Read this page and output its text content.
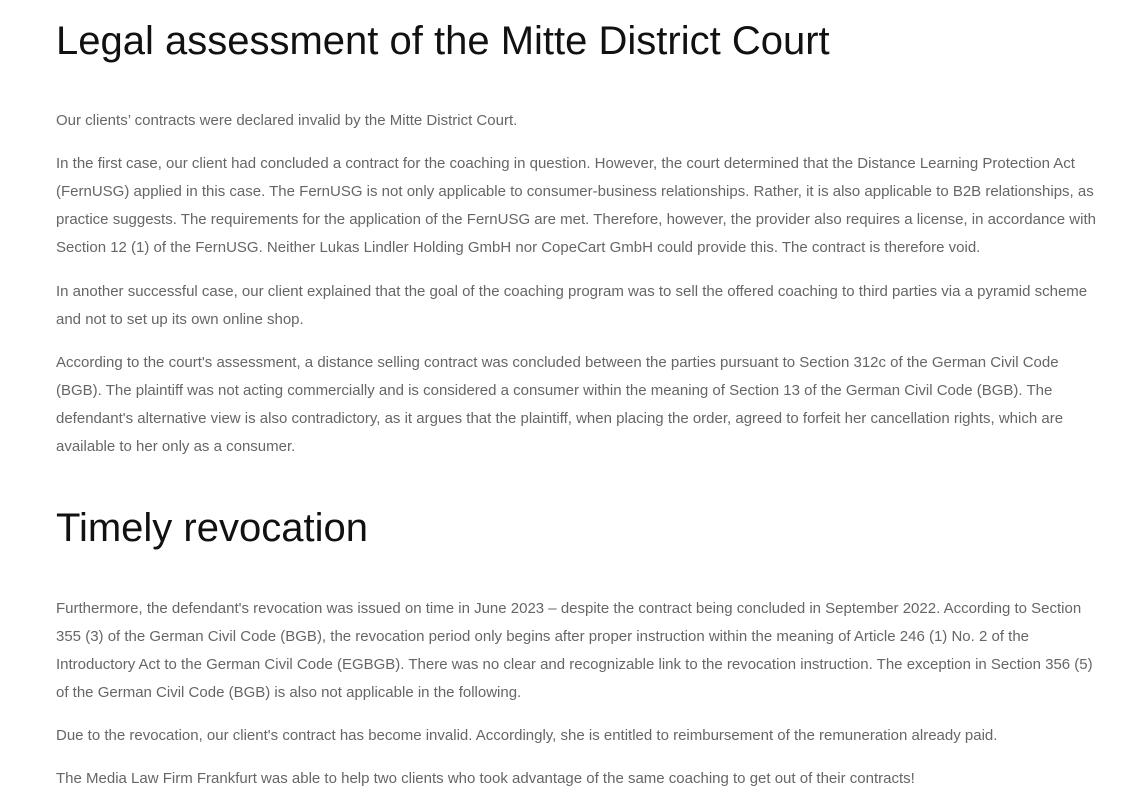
Legal assessment of the Mitte District Court

Our clients’ contracts were declared invalid by the Mitte District Court.

In the first case, our client had concluded a contract for the coaching in question. However, the court determined that the Distance Learning Protection Act (FernUSG) applied in this case. The FernUSG is not only applicable to consumer-business relationships. Rather, it is also applicable to B2B relationships, as practice suggests. The requirements for the application of the FernUSG are met. Therefore, however, the provider also requires a license, in accordance with Section 12 (1) of the FernUSG. Neither Lukas Lindler Holding GmbH nor CopeCart GmbH could provide this. The contract is therefore void.

In another successful case, our client explained that the goal of the coaching program was to sell the offered coaching to third parties via a pyramid scheme and not to set up its own online shop.

According to the court's assessment, a distance selling contract was concluded between the parties pursuant to Section 312c of the German Civil Code (BGB). The plaintiff was not acting commercially and is considered a consumer within the meaning of Section 13 of the German Civil Code (BGB). The defendant's alternative view is also contradictory, as it argues that the plaintiff, when placing the order, agreed to forfeit her cancellation rights, which are available to her only as a consumer.

Timely revocation

Furthermore, the defendant's revocation was issued on time in June 2023 – despite the contract being concluded in September 2022. According to Section 355 (3) of the German Civil Code (BGB), the revocation period only begins after proper instruction within the meaning of Article 246 (1) No. 2 of the Introductory Act to the German Civil Code (EGBGB). There was no clear and recognizable link to the revocation instruction. The exception in Section 356 (5) of the German Civil Code (BGB) is also not applicable in the following.

Due to the revocation, our client's contract has become invalid. Accordingly, she is entitled to reimbursement of the remuneration already paid.

The Media Law Firm Frankfurt was able to help two clients who took advantage of the same coaching to get out of their contracts!
